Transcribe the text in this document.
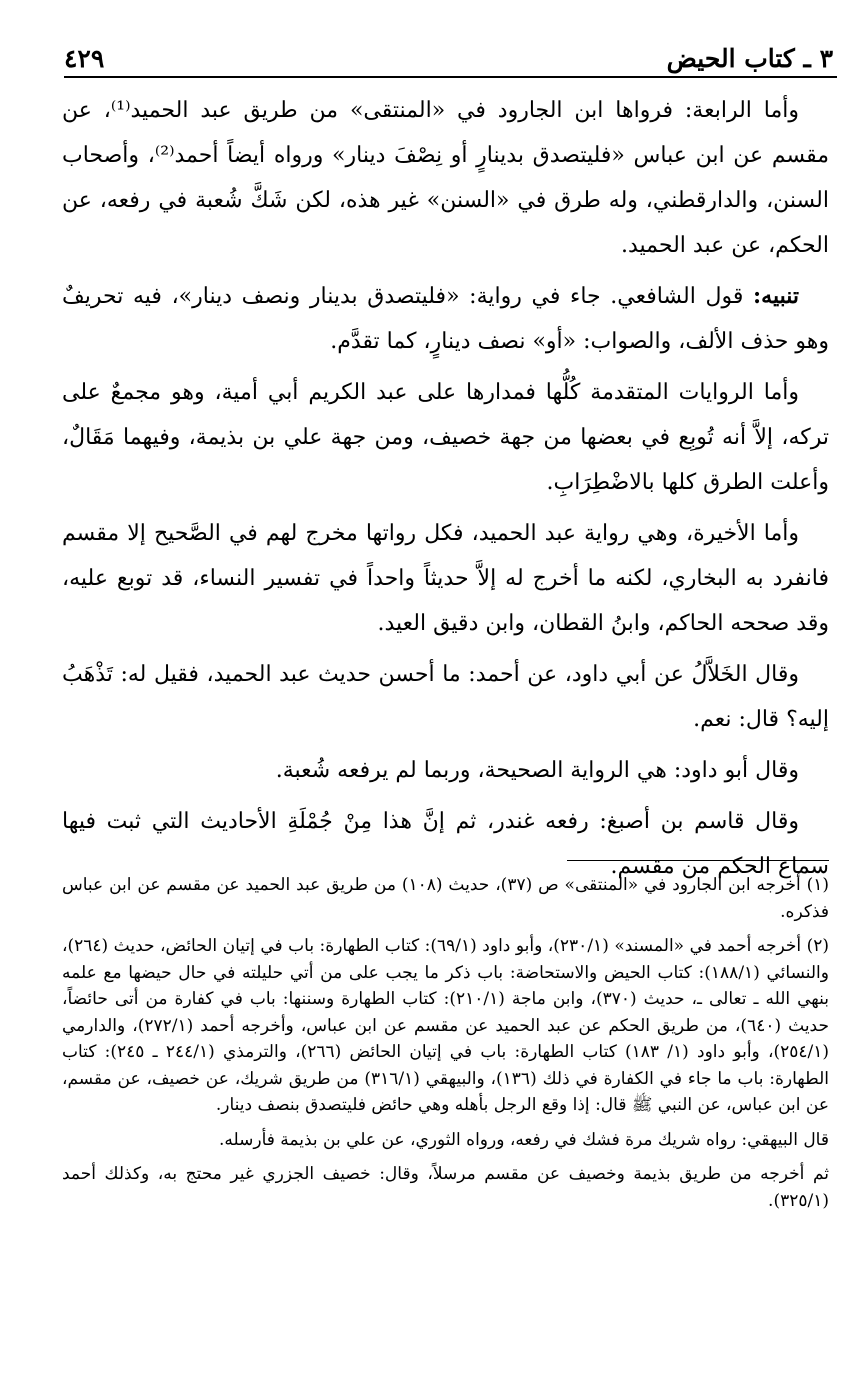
٣ ـ كتاب الحيض
٤٢٩

وأما الرابعة: فرواها ابن الجارود في «المنتقى» من طريق عبد الحميد⁽¹⁾، عن مقسم عن ابن عباس «فليتصدق بدينارٍ أو نِصْفَ دينار» ورواه أيضاً أحمد⁽²⁾، وأصحاب السنن، والدارقطني، وله طرق في «السنن» غير هذه، لكن شَكَّ شُعبة في رفعه، عن الحكم، عن عبد الحميد.

تنبيه: قول الشافعي. جاء في رواية: «فليتصدق بدينار ونصف دينار»، فيه تحريفٌ وهو حذف الألف، والصواب: «أو» نصف دينارٍ، كما تقدَّم.

وأما الروايات المتقدمة كُلُّها فمدارها على عبد الكريم أبي أمية، وهو مجمعٌ على تركه، إلاَّ أنه تُوبِع في بعضها من جهة خصيف، ومن جهة علي بن بذيمة، وفيهما مَقَالٌ، وأعلت الطرق كلها بالاضْطِرَابِ.

وأما الأخيرة، وهي رواية عبد الحميد، فكل رواتها مخرج لهم في الصَّحيح إلا مقسم فانفرد به البخاري، لكنه ما أخرج له إلاَّ حديثاً واحداً في تفسير النساء، قد توبع عليه، وقد صححه الحاكم، وابنُ القطان، وابن دقيق العيد.

وقال الخَلاَّلُ عن أبي داود، عن أحمد: ما أحسن حديث عبد الحميد، فقيل له: تَذْهَبُ إليه؟ قال: نعم.

وقال أبو داود: هي الرواية الصحيحة، وربما لم يرفعه شُعبة.

وقال قاسم بن أصبغ: رفعه غندر، ثم إنَّ هذا مِنْ جُمْلَةِ الأحاديث التي ثبت فيها سماع الحكم من مقسم.

(١) أخرجه ابن الجارود في «المنتقى» ص (٣٧)، حديث (١٠٨) من طريق عبد الحميد عن مقسم عن ابن عباس فذكره.

(٢) أخرجه أحمد في «المسند» (٢٣٠/١)، وأبو داود (٦٩/١): كتاب الطهارة: باب في إتيان الحائض، حديث (٢٦٤)، والنسائي (١٨٨/١): كتاب الحيض والاستحاضة: باب ذكر ما يجب على من أتي حليلته في حال حيضها مع علمه بنهي الله ـ تعالى ـ، حديث (٣٧٠)، وابن ماجة (٢١٠/١): كتاب الطهارة وسننها: باب في كفارة من أتى حائضاً، حديث (٦٤٠)، من طريق الحكم عن عبد الحميد عن مقسم عن ابن عباس، وأخرجه أحمد (٢٧٢/١)، والدارمي (٢٥٤/١)، وأبو داود (١/ ١٨٣) كتاب الطهارة: باب في إتيان الحائض (٢٦٦)، والترمذي (٢٤٤/١ ـ ٢٤٥): كتاب الطهارة: باب ما جاء في الكفارة في ذلك (١٣٦)، والبيهقي (٣١٦/١) من طريق شريك، عن خصيف، عن مقسم، عن ابن عباس، عن النبي ﷺ قال: إذا وقع الرجل بأهله وهي حائض فليتصدق بنصف دينار.

قال البيهقي: رواه شريك مرة فشك في رفعه، ورواه الثوري، عن علي بن بذيمة فأرسله.

ثم أخرجه من طريق بذيمة وخصيف عن مقسم مرسلاً، وقال: خصيف الجزري غير محتج به، وكذلك أحمد (٣٢٥/١).
